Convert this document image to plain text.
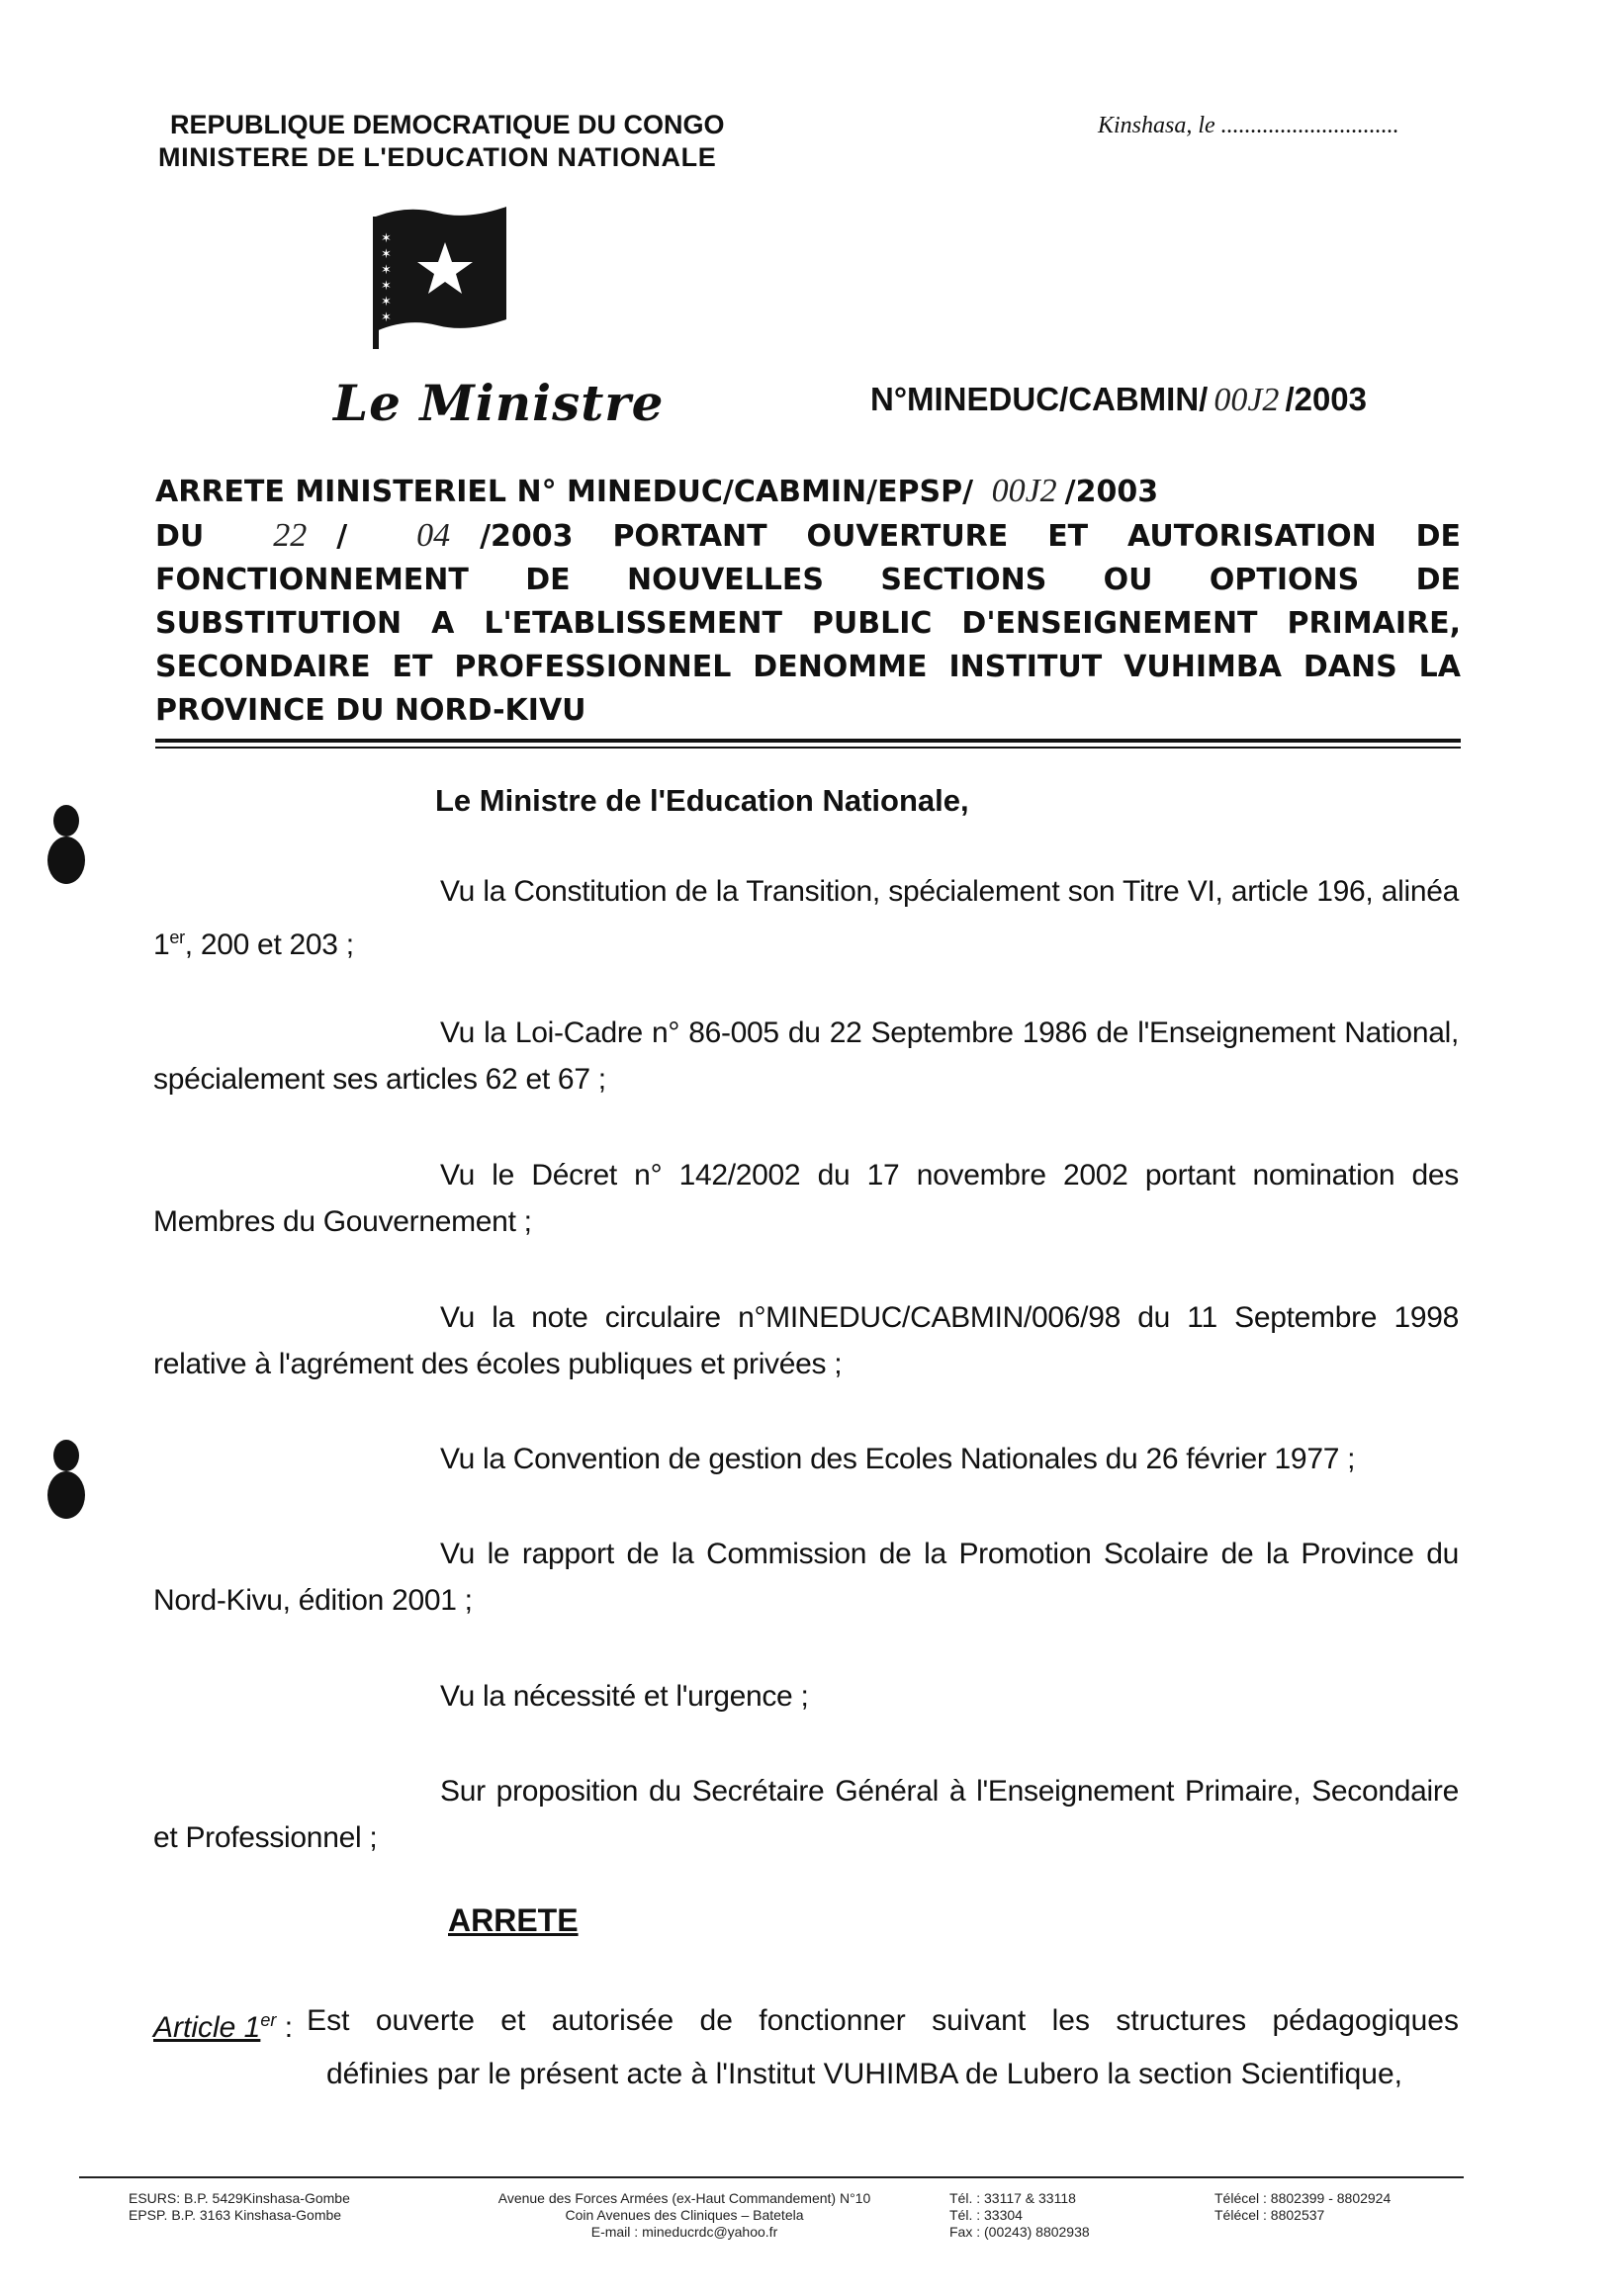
REPUBLIQUE DEMOCRATIQUE DU CONGO
MINISTERE DE L'EDUCATION NATIONALE
Kinshasa, le ..............................
✶
✶
✶
✶
✶
✶
Le Ministre	N°MINEDUC/CABMIN/ 00J2 /2003

ARRETE MINISTERIEL N° MINEDUC/CABMIN/EPSP/ 00J2 /2003

DU 22 / 04 /2003 PORTANT OUVERTURE ET AUTORISATION DE

FONCTIONNEMENT DE NOUVELLES SECTIONS OU OPTIONS DE

SUBSTITUTION A L'ETABLISSEMENT PUBLIC D'ENSEIGNEMENT PRIMAIRE,

SECONDAIRE ET PROFESSIONNEL DENOMME INSTITUT VUHIMBA DANS LA

PROVINCE DU NORD-KIVU

Le Ministre de l'Education Nationale,

Vu la Constitution de la Transition, spécialement son Titre VI, article 196, alinéa 1er, 200 et 203 ;

Vu la Loi-Cadre n° 86-005 du 22 Septembre 1986 de l'Enseignement National, spécialement ses articles 62 et 67 ;

Vu le Décret n° 142/2002 du 17 novembre 2002 portant nomination des Membres du Gouvernement ;

Vu la note circulaire n°MINEDUC/CABMIN/006/98 du 11 Septembre 1998 relative à l'agrément des écoles publiques et privées ;

Vu la Convention de gestion des Ecoles Nationales du 26 février 1977 ;

Vu le rapport de la Commission de la Promotion Scolaire de la Province du Nord-Kivu, édition 2001 ;

Vu la nécessité et l'urgence ;

Sur proposition du Secrétaire Général à l'Enseignement Primaire, Secondaire et Professionnel ;

ARRETE
Article 1er : Est ouverte et autorisée de fonctionner suivant les structures pédagogiques
définies par le présent acte à l'Institut VUHIMBA de Lubero la section Scientifique,
ESURS: B.P. 5429Kinshasa-Gombe
EPSP. B.P. 3163 Kinshasa-Gombe
Avenue des Forces Armées (ex-Haut Commandement) N°10
Coin Avenues des Cliniques – Batetela
E-mail : mineducrdc@yahoo.fr
Tél. : 33117 & 33118
Tél. : 33304
Fax : (00243) 8802938
Télécel : 8802399 - 8802924
Télécel : 8802537
